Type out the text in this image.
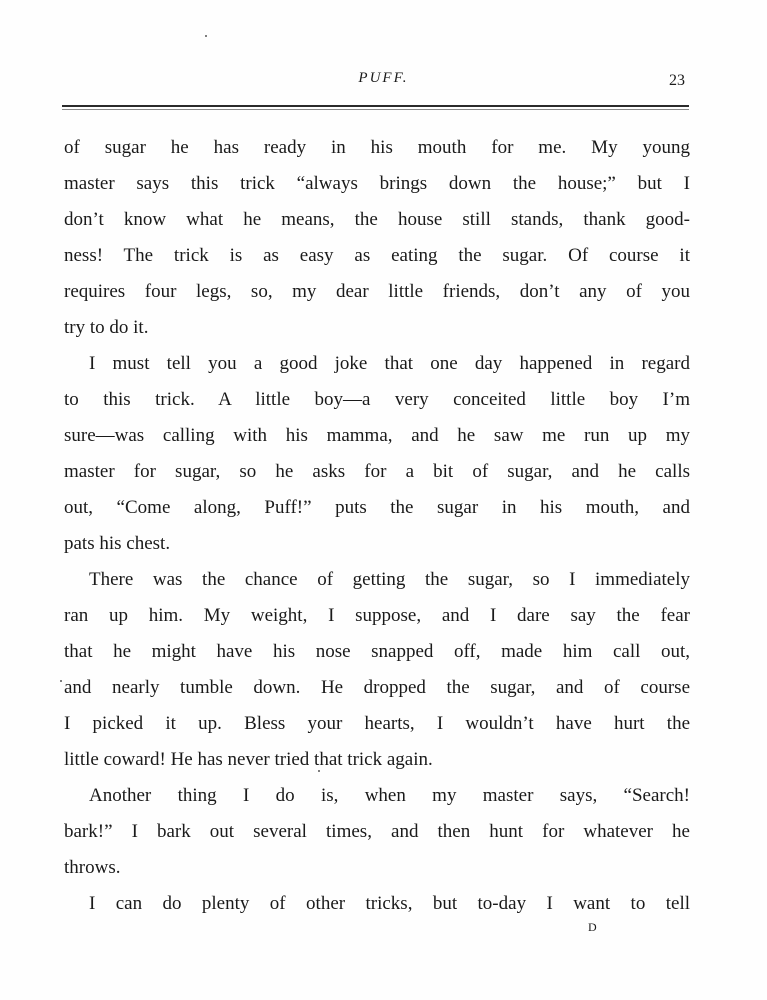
PUFF.	23
of sugar he has ready in his mouth for me. My young
master says this trick “always brings down the house;” but I
don’t know what he means, the house still stands, thank good-
ness! The trick is as easy as eating the sugar. Of course it
requires four legs, so, my dear little friends, don’t any of you
try to do it.
I must tell you a good joke that one day happened in regard
to this trick. A little boy—a very conceited little boy I’m
sure—was calling with his mamma, and he saw me run up my
master for sugar, so he asks for a bit of sugar, and he calls
out, “Come along, Puff!” puts the sugar in his mouth, and
pats his chest.
There was the chance of getting the sugar, so I immediately
ran up him. My weight, I suppose, and I dare say the fear
that he might have his nose snapped off, made him call out,
and nearly tumble down. He dropped the sugar, and of course
I picked it up. Bless your hearts, I wouldn’t have hurt the
little coward! He has never tried that trick again.
Another thing I do is, when my master says, “Search!
bark!” I bark out several times, and then hunt for whatever he
throws.
I can do plenty of other tricks, but to-day I want to tell
D
